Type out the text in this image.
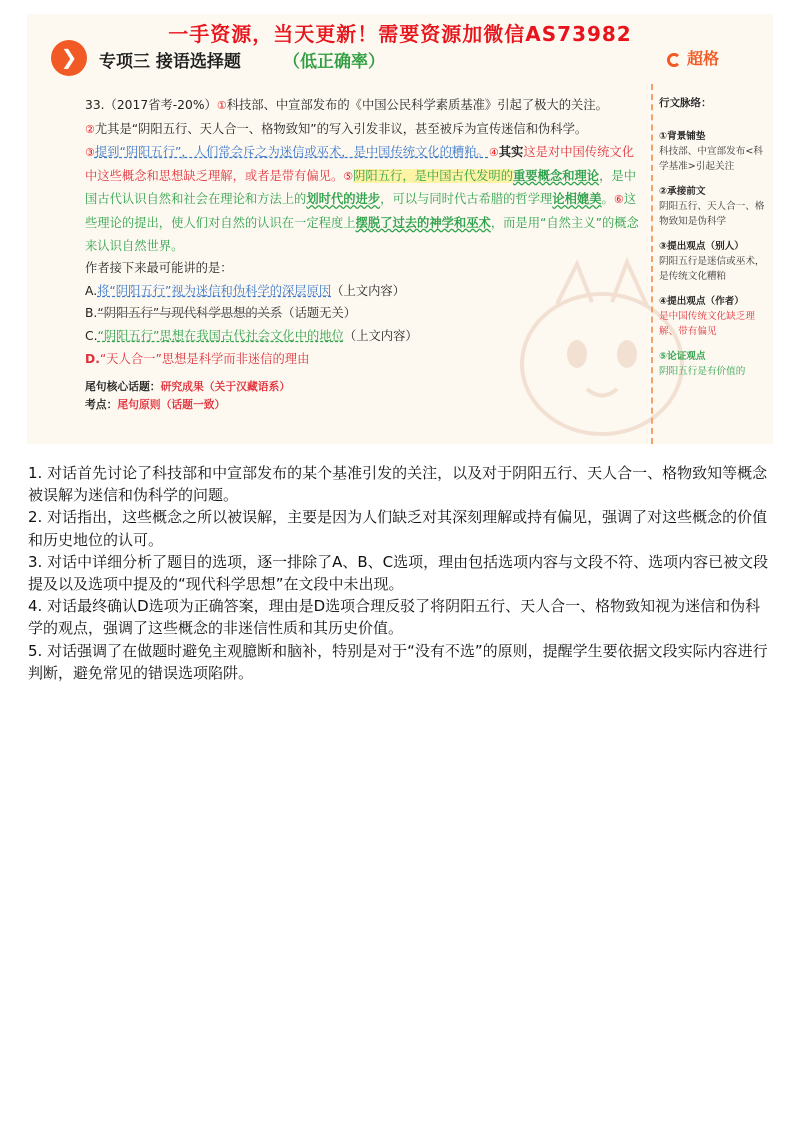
一手资源，当天更新！需要资源加微信AS73982
❯	专项三 接语选择题 （低正确率）	超格

33.（2017省考-20%）①科技部、中宣部发布的《中国公民科学素质基准》引起了极大的关注。
②尤其是“阴阳五行、天人合一、格物致知”的写入引发非议，甚至被斥为宣传迷信和伪科学。
③提到“阴阳五行”，人们常会斥之为迷信或巫术，是中国传统文化的糟粕。④其实这是对中国传统文化中这些概念和思想缺乏理解，或者是带有偏见。⑤阴阳五行，是中国古代发明的重要概念和理论，是中国古代认识自然和社会在理论和方法上的划时代的进步，可以与同时代古希腊的哲学理论相媲美。⑥这些理论的提出，使人们对自然的认识在一定程度上摆脱了过去的神学和巫术，而是用“自然主义”的概念来认识自然世界。

作者接下来最可能讲的是：

A.将“阴阳五行”视为迷信和伪科学的深层原因（上文内容）

B.“阴阳五行”与现代科学思想的关系（话题无关）

C.“阴阳五行”思想在我国古代社会文化中的地位（上文内容）

D.“天人合一”思想是科学而非迷信的理由

尾句核心话题：研究成果（关于汉藏语系）
考点：尾句原则（话题一致）
行文脉络：
①背景铺垫
科技部、中宣部发布<科学基准>引起关注
②承接前文
阴阳五行、天人合一、格物致知是伪科学
③提出观点（别人）
阴阳五行是迷信或巫术，是传统文化糟粕
④提出观点（作者）
是中国传统文化缺乏理解、带有偏见
⑤论证观点
阴阳五行是有价值的

1. 对话首先讨论了科技部和中宣部发布的某个基准引发的关注，以及对于阴阳五行、天人合一、格物致知等概念被误解为迷信和伪科学的问题。

2. 对话指出，这些概念之所以被误解，主要是因为人们缺乏对其深刻理解或持有偏见，强调了对这些概念的价值和历史地位的认可。

3. 对话中详细分析了题目的选项，逐一排除了A、B、C选项，理由包括选项内容与文段不符、选项内容已被文段提及以及选项中提及的“现代科学思想”在文段中未出现。

4. 对话最终确认D选项为正确答案，理由是D选项合理反驳了将阴阳五行、天人合一、格物致知视为迷信和伪科学的观点，强调了这些概念的非迷信性质和其历史价值。

5. 对话强调了在做题时避免主观臆断和脑补，特别是对于“没有不选”的原则，提醒学生要依据文段实际内容进行判断，避免常见的错误选项陷阱。
